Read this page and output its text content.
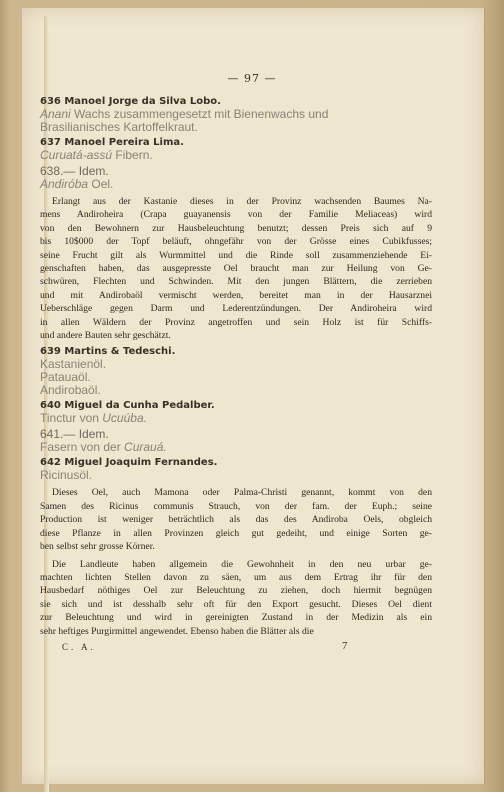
— 97 —
636 Manoel Jorge da Silva Lobo.
Anani Wachs zusammengesetzt mit Bienenwachs und
Brasilianisches Kartoffelkraut.
637 Manoel Pereira Lima.
Curuatá-assú Fibern.
638.— Idem.
Andiróba Oel.
Erlangt aus der Kastanie dieses in der Provinz wachsenden Baumes Na-
mens Andiroheira (Crapa guayanensis von der Familie Meliaceas) wird
von den Bewohnern zur Hausbeleuchtung benutzt; dessen Preis sich auf 9
bis 10$000 der Topf beläuft, ohngefähr von der Grösse eines Cubikfusses;
seine Frucht gilt als Wurmmittel und die Rinde soll zusammenziehende Ei-
genschaften haben, das ausgepresste Oel braucht man zur Heilung von Ge-
schwüren, Flechten und Schwinden. Mit den jungen Blättern, die zerrieben
und mit Andirobaöl vermischt werden, bereitet man in der Hausarznei
Ueberschläge gegen Darm und Lederentzündungen. Der Andiroheira wird
in allen Wäldern der Provinz angetroffen und sein Holz ist für Schiffs-
und andere Bauten sehr geschätzt.
639 Martins & Tedeschi.
Kastanienöl.
Patauaöl.
Andirobaöl.
640 Miguel da Cunha Pedalber.
Tinctur von Ucuúba.
641.— Idem.
Fasern von der Curauá.
642 Miguel Joaquim Fernandes.
Ricinusöl.
Dieses Oel, auch Mamona oder Palma-Christi genannt, kommt von den
Samen des Ricinus communis Strauch, von der fam. der Euph.; seine
Production ist weniger beträchtlich als das des Andiroba Oels, obgleich
diese Pflanze in allen Provinzen gleich gut gedeiht, und einige Sorten ge-
ben selbst sehr grosse Körner.
Die Landleute haben allgemein die Gewohnheit in den neu urbar ge-
machten lichten Stellen davon zu säen, um aus dem Ertrag ihr für den
Hausbedarf nöthiges Oel zur Beleuchtung zu ziehen, doch hiermit begnügen
sie sich und ist desshalb sehr oft für den Export gesucht. Dieses Oel dient
zur Beleuchtung und wird in gereinigten Zustand in der Medizin als ein
sehr heftiges Purgirmittel angewendet. Ebenso haben die Blätter als die
C. A.	7
